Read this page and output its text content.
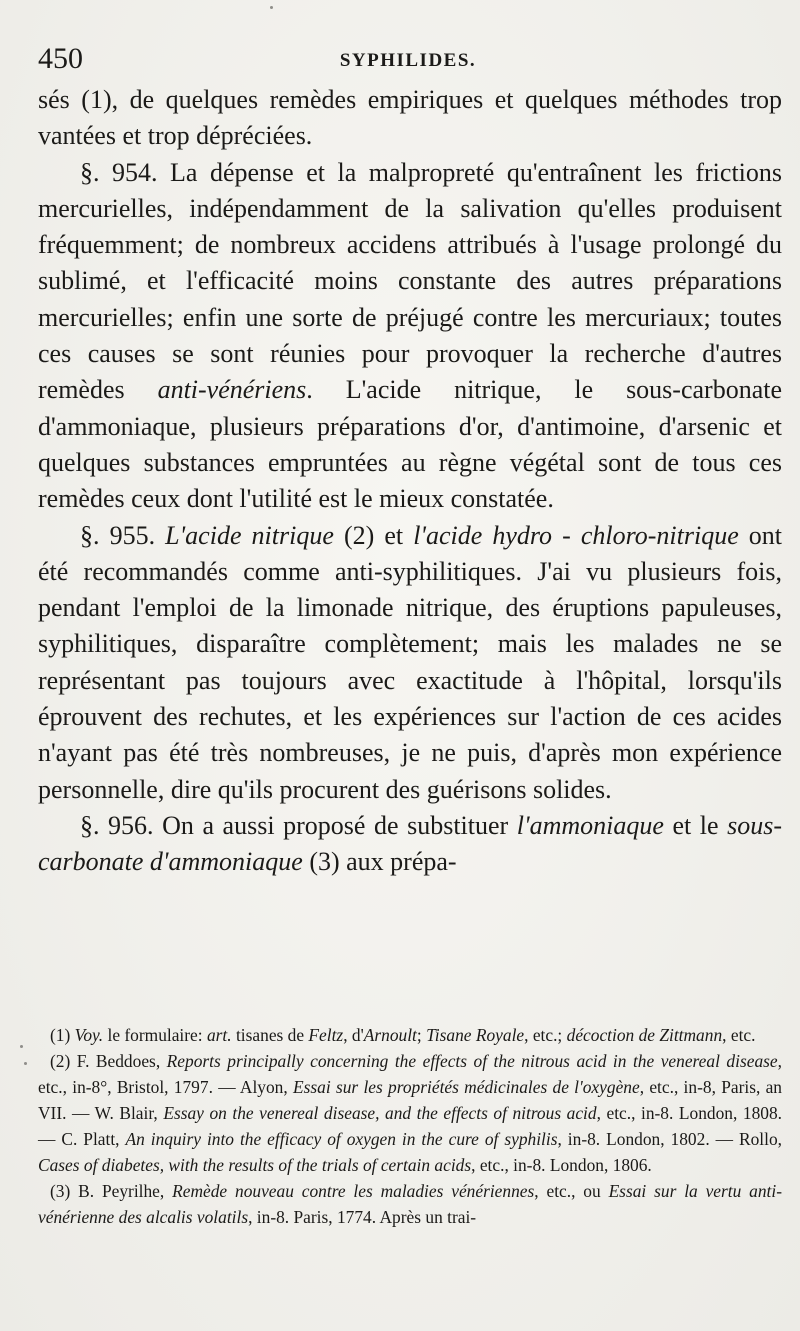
450	SYPHILIDES.

sés (1), de quelques remèdes empiriques et quelques méthodes trop vantées et trop dépréciées.

§. 954. La dépense et la malpropreté qu'entraînent les frictions mercurielles, indépendamment de la salivation qu'elles produisent fréquemment; de nombreux accidens attribués à l'usage prolongé du sublimé, et l'efficacité moins constante des autres préparations mercurielles; enfin une sorte de préjugé contre les mercuriaux; toutes ces causes se sont réunies pour provoquer la recherche d'autres remèdes anti-vénériens. L'acide nitrique, le sous-carbonate d'ammoniaque, plusieurs préparations d'or, d'antimoine, d'arsenic et quelques substances empruntées au règne végétal sont de tous ces remèdes ceux dont l'utilité est le mieux constatée.

§. 955. L'acide nitrique (2) et l'acide hydro - chloro-nitrique ont été recommandés comme anti-syphilitiques. J'ai vu plusieurs fois, pendant l'emploi de la limonade nitrique, des éruptions papuleuses, syphilitiques, disparaître complètement; mais les malades ne se représentant pas toujours avec exactitude à l'hôpital, lorsqu'ils éprouvent des rechutes, et les expériences sur l'action de ces acides n'ayant pas été très nombreuses, je ne puis, d'après mon expérience personnelle, dire qu'ils procurent des guérisons solides.

§. 956. On a aussi proposé de substituer l'ammoniaque et le sous-carbonate d'ammoniaque (3) aux prépa-

(1) Voy. le formulaire: art. tisanes de Feltz, d'Arnoult; Tisane Royale, etc.; décoction de Zittmann, etc.

(2) F. Beddoes, Reports principally concerning the effects of the nitrous acid in the venereal disease, etc., in-8°, Bristol, 1797. — Alyon, Essai sur les propriétés médicinales de l'oxygène, etc., in-8, Paris, an VII. — W. Blair, Essay on the venereal disease, and the effects of nitrous acid, etc., in-8. London, 1808. — C. Platt, An inquiry into the efficacy of oxygen in the cure of syphilis, in-8. London, 1802. — Rollo, Cases of diabetes, with the results of the trials of certain acids, etc., in-8. London, 1806.

(3) B. Peyrilhe, Remède nouveau contre les maladies vénériennes, etc., ou Essai sur la vertu anti-vénérienne des alcalis volatils, in-8. Paris, 1774. Après un trai-
